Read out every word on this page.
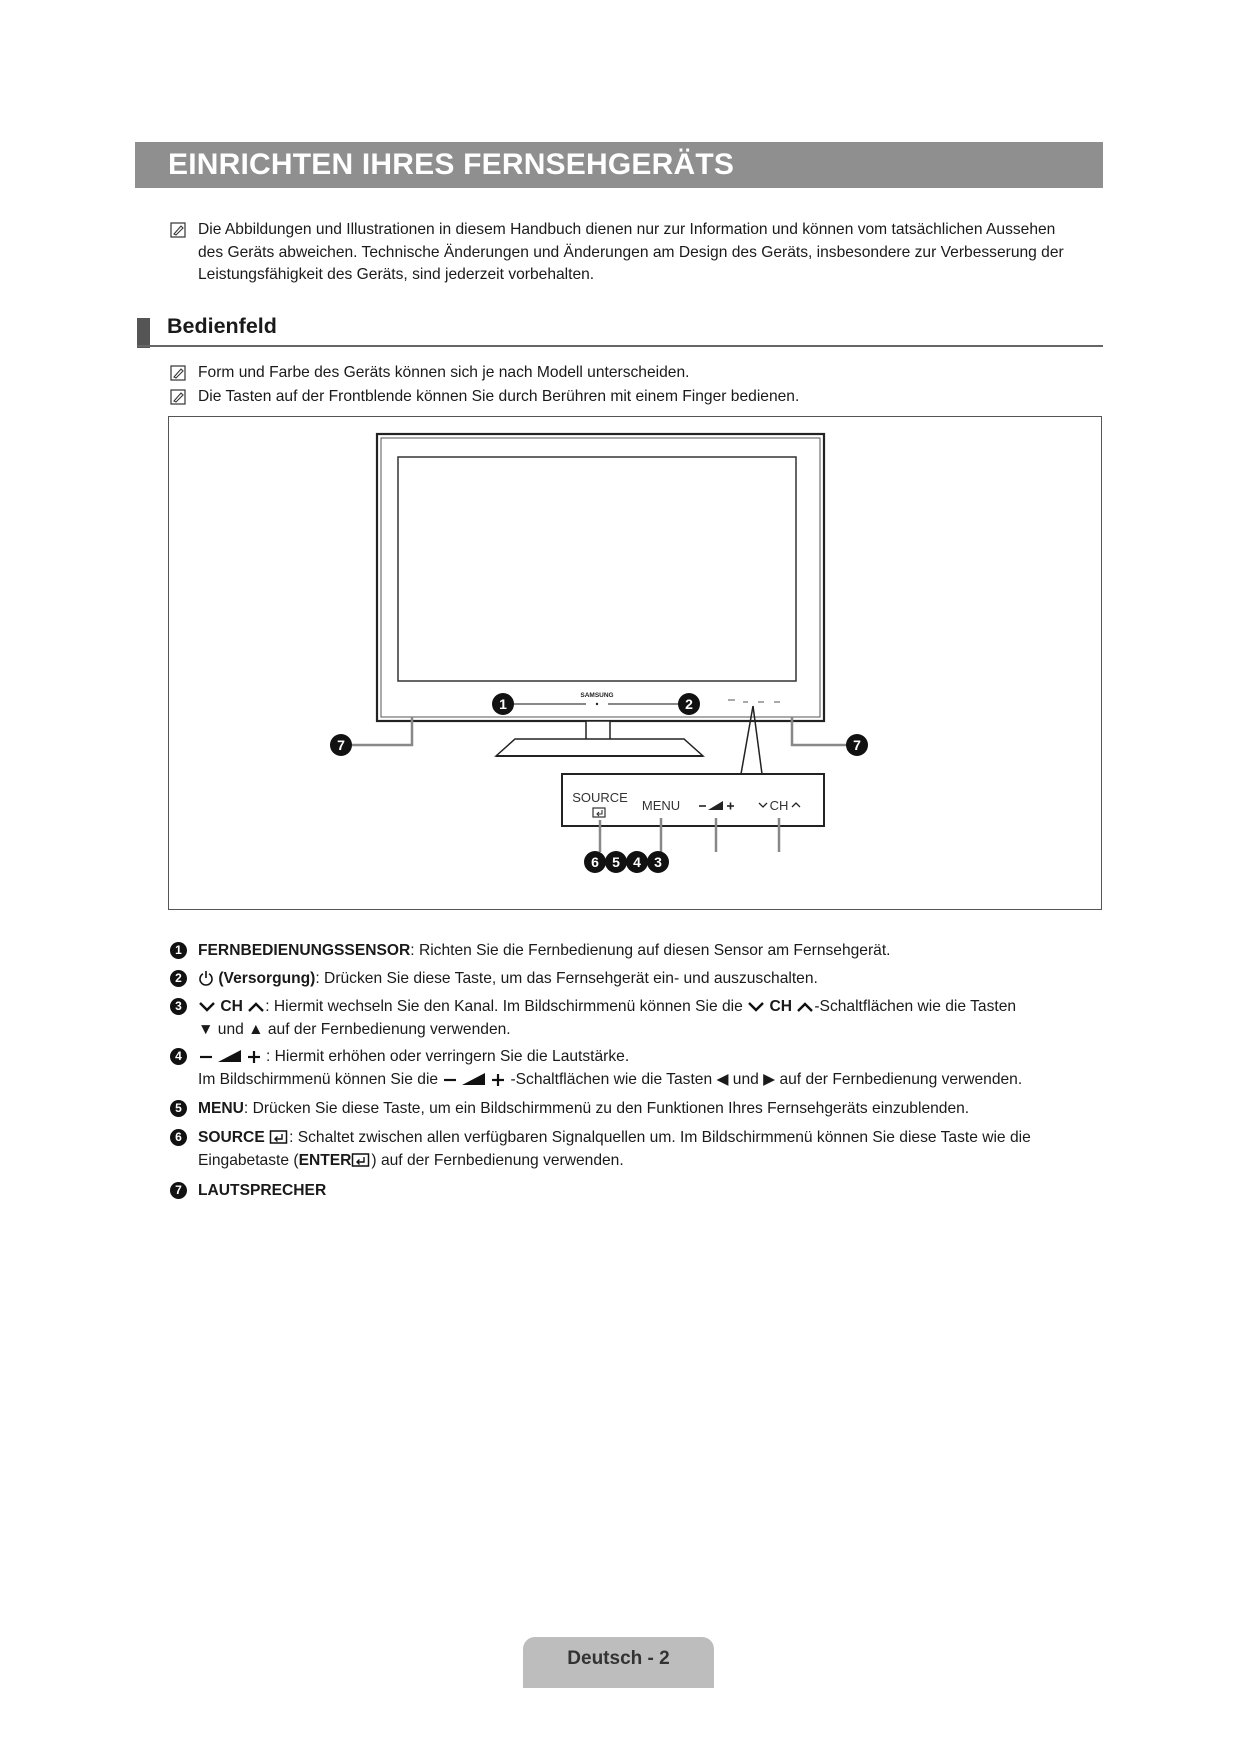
EINRICHTEN IHRES FERNSEHGERÄTS
Die Abbildungen und Illustrationen in diesem Handbuch dienen nur zur Information und können vom tatsächlichen Aussehen
des Geräts abweichen. Technische Änderungen und Änderungen am Design des Geräts, insbesondere zur Verbesserung der
Leistungsfähigkeit des Geräts, sind jederzeit vorbehalten.
Bedienfeld
Form und Farbe des Geräts können sich je nach Modell unterscheiden.
Die Tasten auf der Frontblende können Sie durch Berühren mit einem Finger bedienen.
SAMSUNG
SOURCE
MENU	CH
1	2
7	7
6 5 4 3
1	FERNBEDIENUNGSSENSOR: Richten Sie die Fernbedienung auf diesen Sensor am Fernsehgerät.
2	(Versorgung): Drücken Sie diese Taste, um das Fernsehgerät ein- und auszuschalten.
3	CH : Hiermit wechseln Sie den Kanal. Im Bildschirmmenü können Sie die CH -Schaltflächen wie die Tasten
▼ und ▲ auf der Fernbedienung verwenden.
4	: Hiermit erhöhen oder verringern Sie die Lautstärke.
Im Bildschirmmenü können Sie die	-Schaltflächen wie die Tasten ◀ und ▶ auf der Fernbedienung verwenden.
5	MENU: Drücken Sie diese Taste, um ein Bildschirmmenü zu den Funktionen Ihres Fernsehgeräts einzublenden.
6	SOURCE : Schaltet zwischen allen verfügbaren Signalquellen um. Im Bildschirmmenü können Sie diese Taste wie die
Eingabetaste (ENTER ) auf der Fernbedienung verwenden.
7	LAUTSPRECHER
Deutsch - 2
